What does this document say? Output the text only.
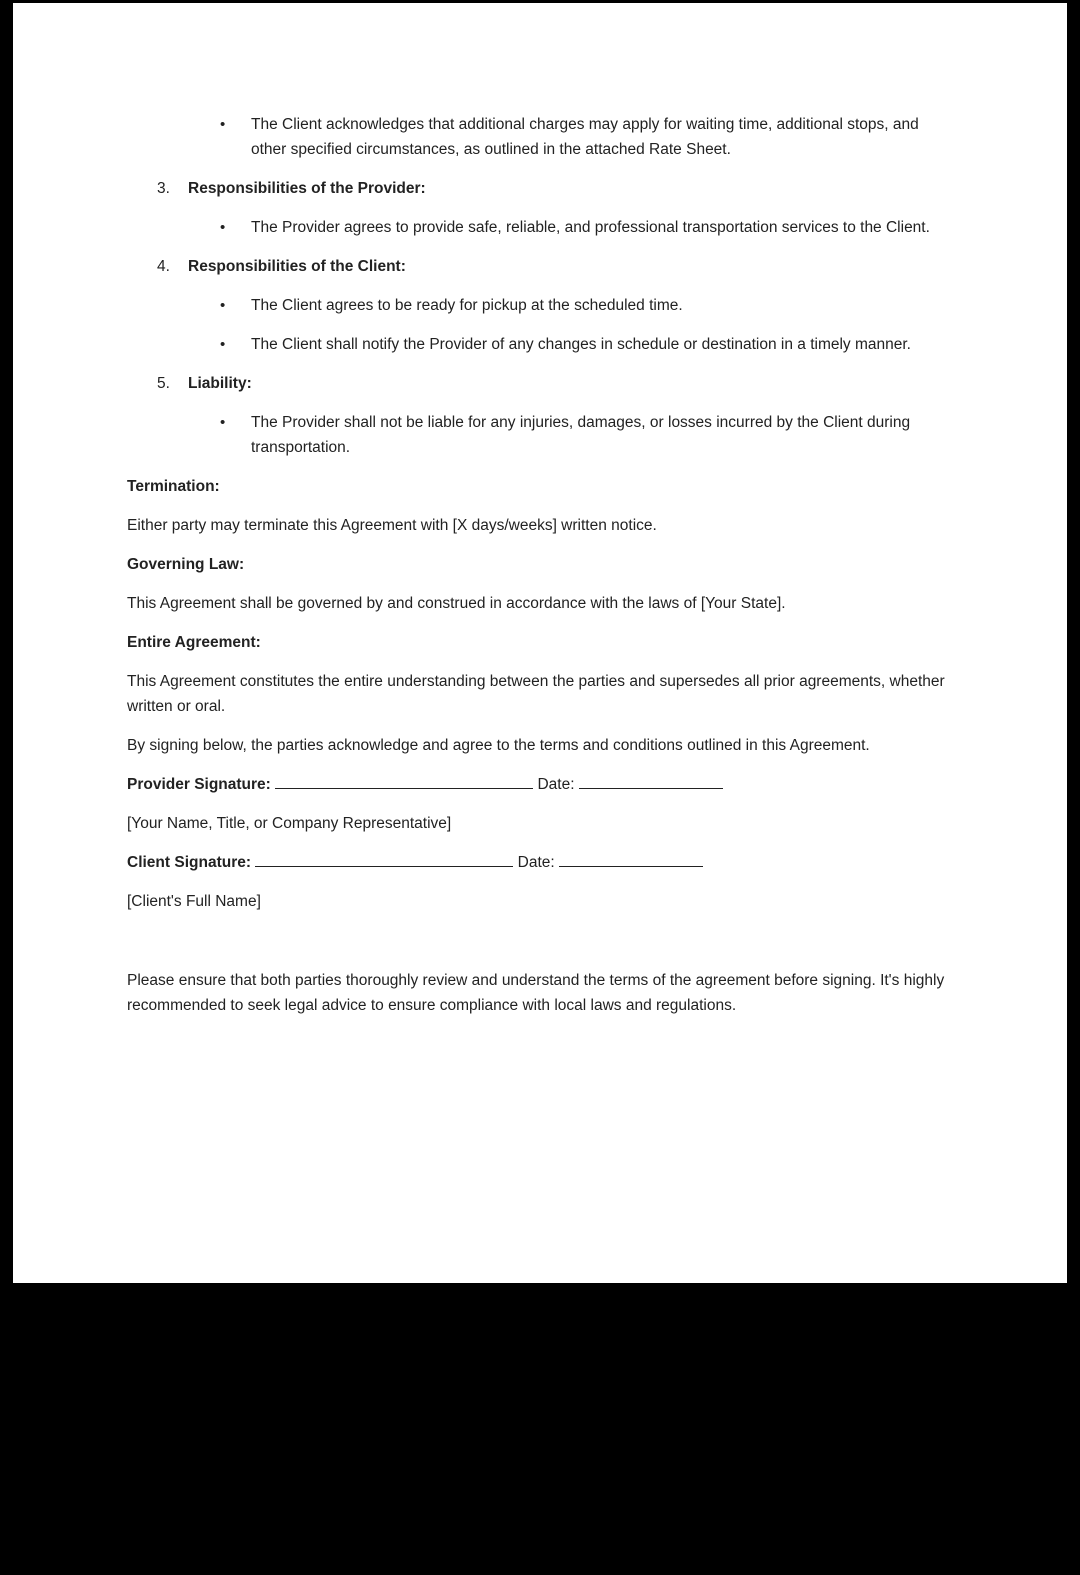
• The Client acknowledges that additional charges may apply for waiting time, additional stops, and other specified circumstances, as outlined in the attached Rate Sheet.
3.	Responsibilities of the Provider:
• The Provider agrees to provide safe, reliable, and professional transportation services to the Client.
4.	Responsibilities of the Client:
• The Client agrees to be ready for pickup at the scheduled time.
• The Client shall notify the Provider of any changes in schedule or destination in a timely manner.
5.	Liability:
• The Provider shall not be liable for any injuries, damages, or losses incurred by the Client during transportation.

Termination:

Either party may terminate this Agreement with [X days/weeks] written notice.

Governing Law:

This Agreement shall be governed by and construed in accordance with the laws of [Your State].

Entire Agreement:

This Agreement constitutes the entire understanding between the parties and supersedes all prior agreements, whether written or oral.

By signing below, the parties acknowledge and agree to the terms and conditions outlined in this Agreement.

Provider Signature:	Date:

[Your Name, Title, or Company Representative]

Client Signature:	Date:

[Client's Full Name]

Please ensure that both parties thoroughly review and understand the terms of the agreement before signing. It's highly recommended to seek legal advice to ensure compliance with local laws and regulations.
